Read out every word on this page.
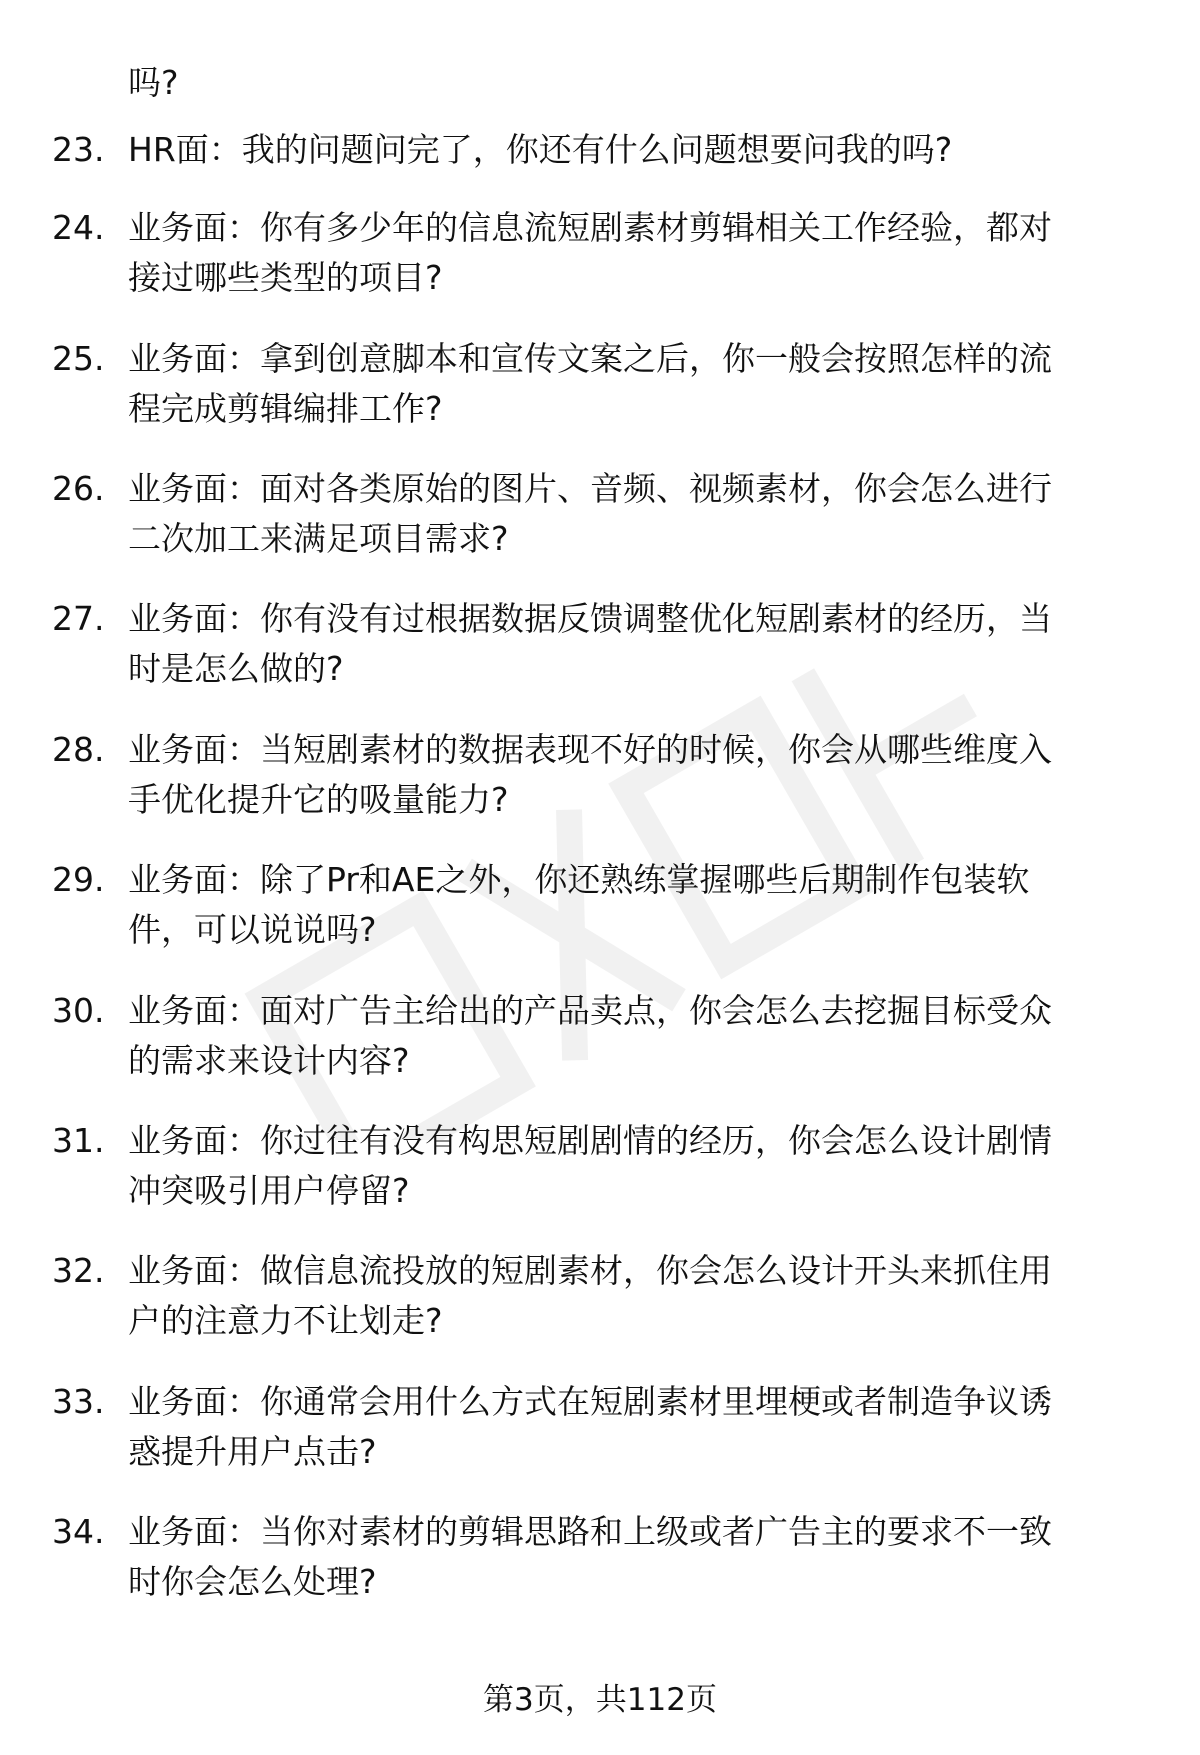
吗?
23. HR面：我的问题问完了，你还有什么问题想要问我的吗?
24. 业务面：你有多少年的信息流短剧素材剪辑相关工作经验，都对
接过哪些类型的项目?
25. 业务面：拿到创意脚本和宣传文案之后，你一般会按照怎样的流
程完成剪辑编排工作?
26. 业务面：面对各类原始的图片、音频、视频素材，你会怎么进行
二次加工来满足项目需求?
27. 业务面：你有没有过根据数据反馈调整优化短剧素材的经历，当
时是怎么做的?
28. 业务面：当短剧素材的数据表现不好的时候，你会从哪些维度入
手优化提升它的吸量能力?
29. 业务面：除了Pr和AE之外，你还熟练掌握哪些后期制作包装软
件，可以说说吗?
30. 业务面：面对广告主给出的产品卖点，你会怎么去挖掘目标受众
的需求来设计内容?
31. 业务面：你过往有没有构思短剧剧情的经历，你会怎么设计剧情
冲突吸引用户停留?
32. 业务面：做信息流投放的短剧素材，你会怎么设计开头来抓住用
户的注意力不让划走?
33. 业务面：你通常会用什么方式在短剧素材里埋梗或者制造争议诱
惑提升用户点击?
34. 业务面：当你对素材的剪辑思路和上级或者广告主的要求不一致
时你会怎么处理?
第3页，共112页
